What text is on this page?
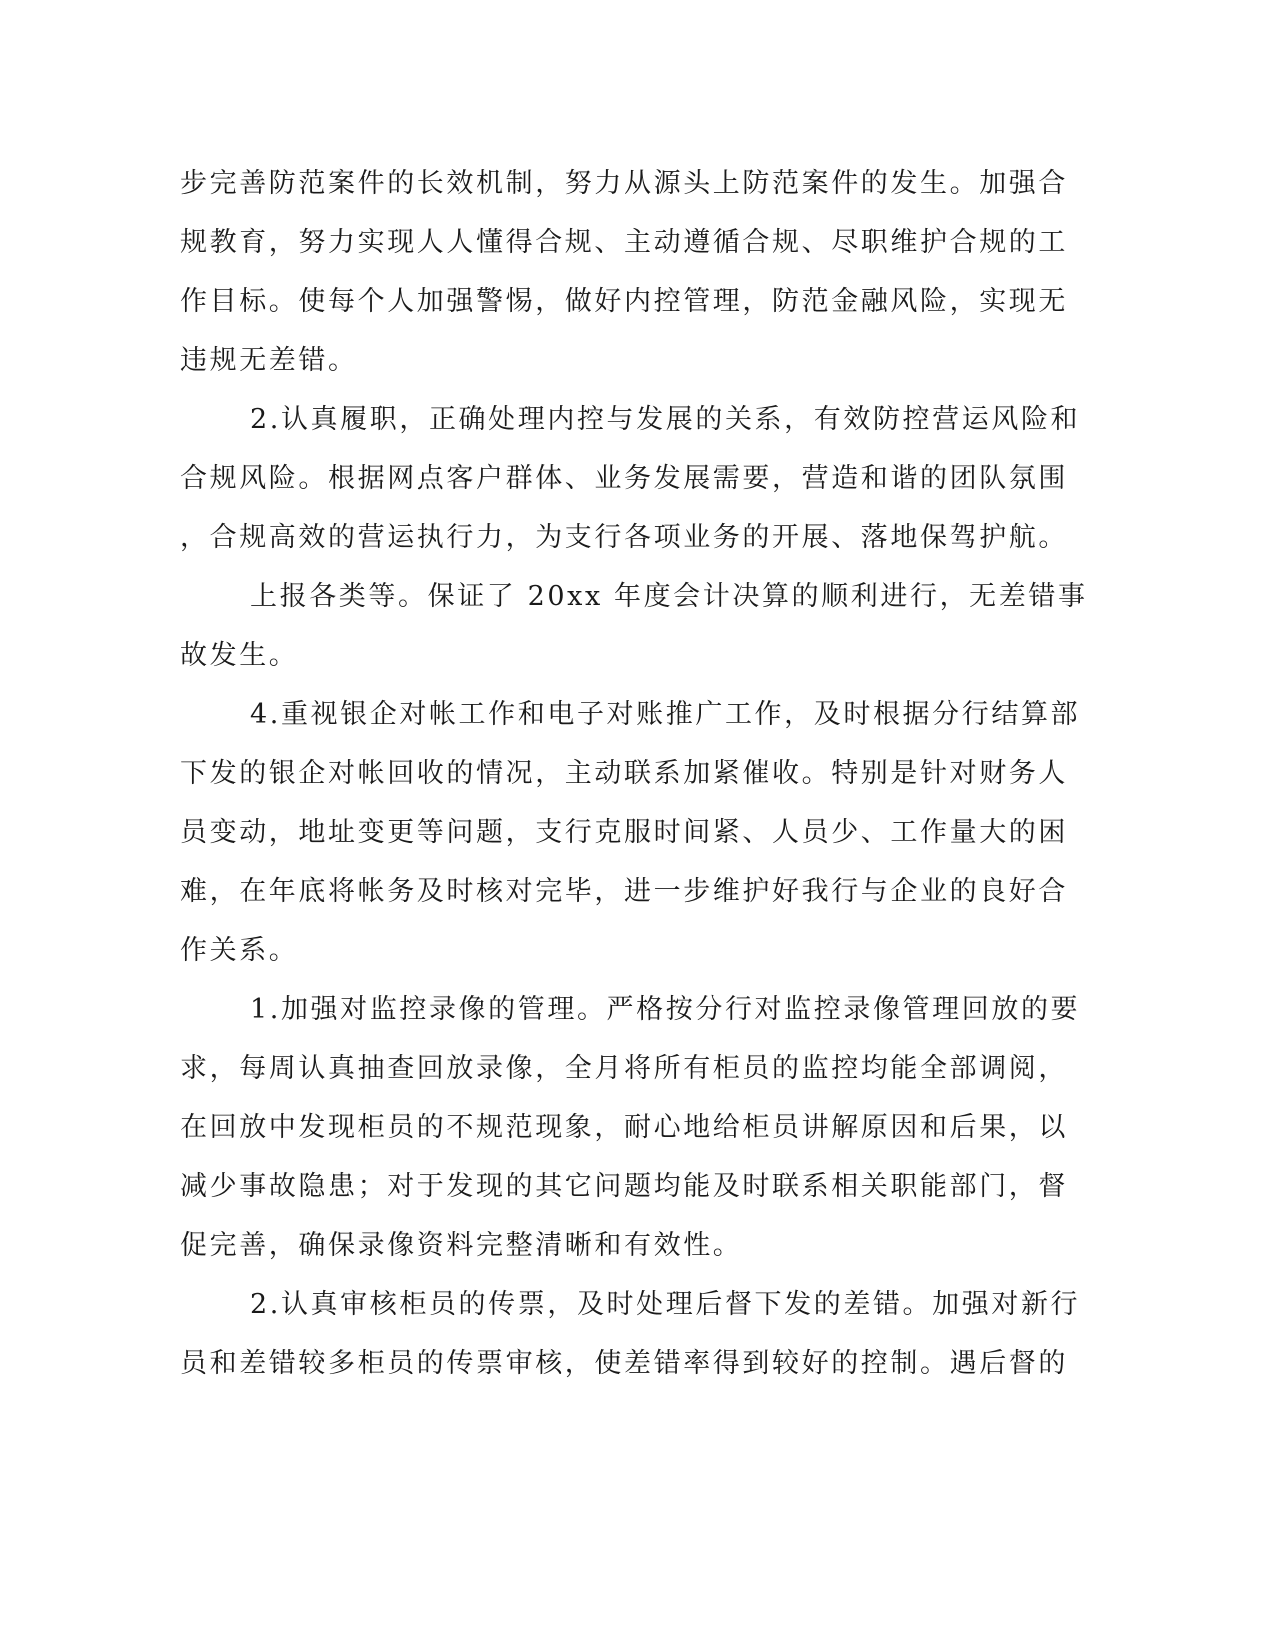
步完善防范案件的长效机制，努力从源头上防范案件的发生。加强合
规教育，努力实现人人懂得合规、主动遵循合规、尽职维护合规的工
作目标。使每个人加强警惕，做好内控管理，防范金融风险，实现无
违规无差错。
2.认真履职，正确处理内控与发展的关系，有效防控营运风险和
合规风险。根据网点客户群体、业务发展需要，营造和谐的团队氛围
，合规高效的营运执行力，为支行各项业务的开展、落地保驾护航。
上报各类等。保证了 20xx 年度会计决算的顺利进行，无差错事
故发生。
4.重视银企对帐工作和电子对账推广工作，及时根据分行结算部
下发的银企对帐回收的情况，主动联系加紧催收。特别是针对财务人
员变动，地址变更等问题，支行克服时间紧、人员少、工作量大的困
难，在年底将帐务及时核对完毕，进一步维护好我行与企业的良好合
作关系。
1.加强对监控录像的管理。严格按分行对监控录像管理回放的要
求，每周认真抽查回放录像，全月将所有柜员的监控均能全部调阅，
在回放中发现柜员的不规范现象，耐心地给柜员讲解原因和后果，以
减少事故隐患；对于发现的其它问题均能及时联系相关职能部门，督
促完善，确保录像资料完整清晰和有效性。
2.认真审核柜员的传票，及时处理后督下发的差错。加强对新行
员和差错较多柜员的传票审核，使差错率得到较好的控制。遇后督的
